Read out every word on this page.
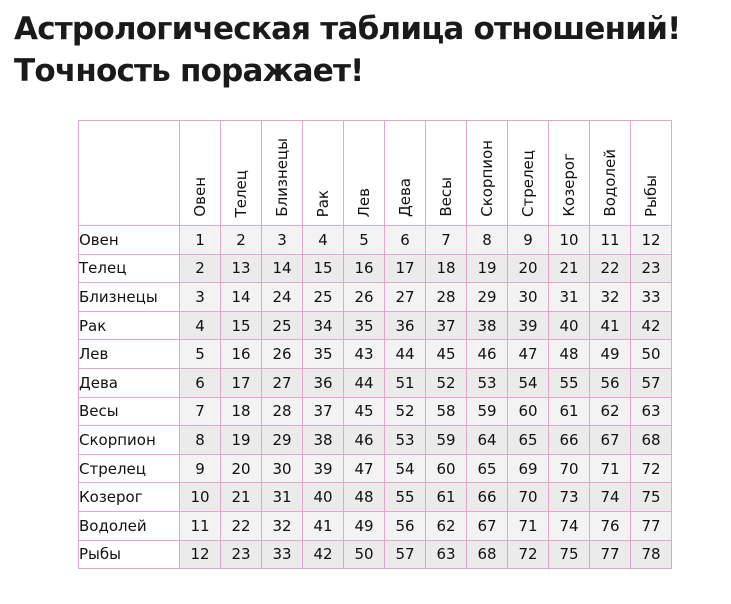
Астрологическая таблица отношений!
Точность поражает!

	Овен	Телец	Близнецы	Рак	Лев	Дева	Весы	Скорпион	Стрелец	Козерог	Водолей	Рыбы

Овен	1	2	3	4	5	6	7	8	9	10	11	12
Телец	2	13	14	15	16	17	18	19	20	21	22	23
Близнецы	3	14	24	25	26	27	28	29	30	31	32	33
Рак	4	15	25	34	35	36	37	38	39	40	41	42
Лев	5	16	26	35	43	44	45	46	47	48	49	50
Дева	6	17	27	36	44	51	52	53	54	55	56	57
Весы	7	18	28	37	45	52	58	59	60	61	62	63
Скорпион	8	19	29	38	46	53	59	64	65	66	67	68
Стрелец	9	20	30	39	47	54	60	65	69	70	71	72
Козерог	10	21	31	40	48	55	61	66	70	73	74	75
Водолей	11	22	32	41	49	56	62	67	71	74	76	77
Рыбы	12	23	33	42	50	57	63	68	72	75	77	78
